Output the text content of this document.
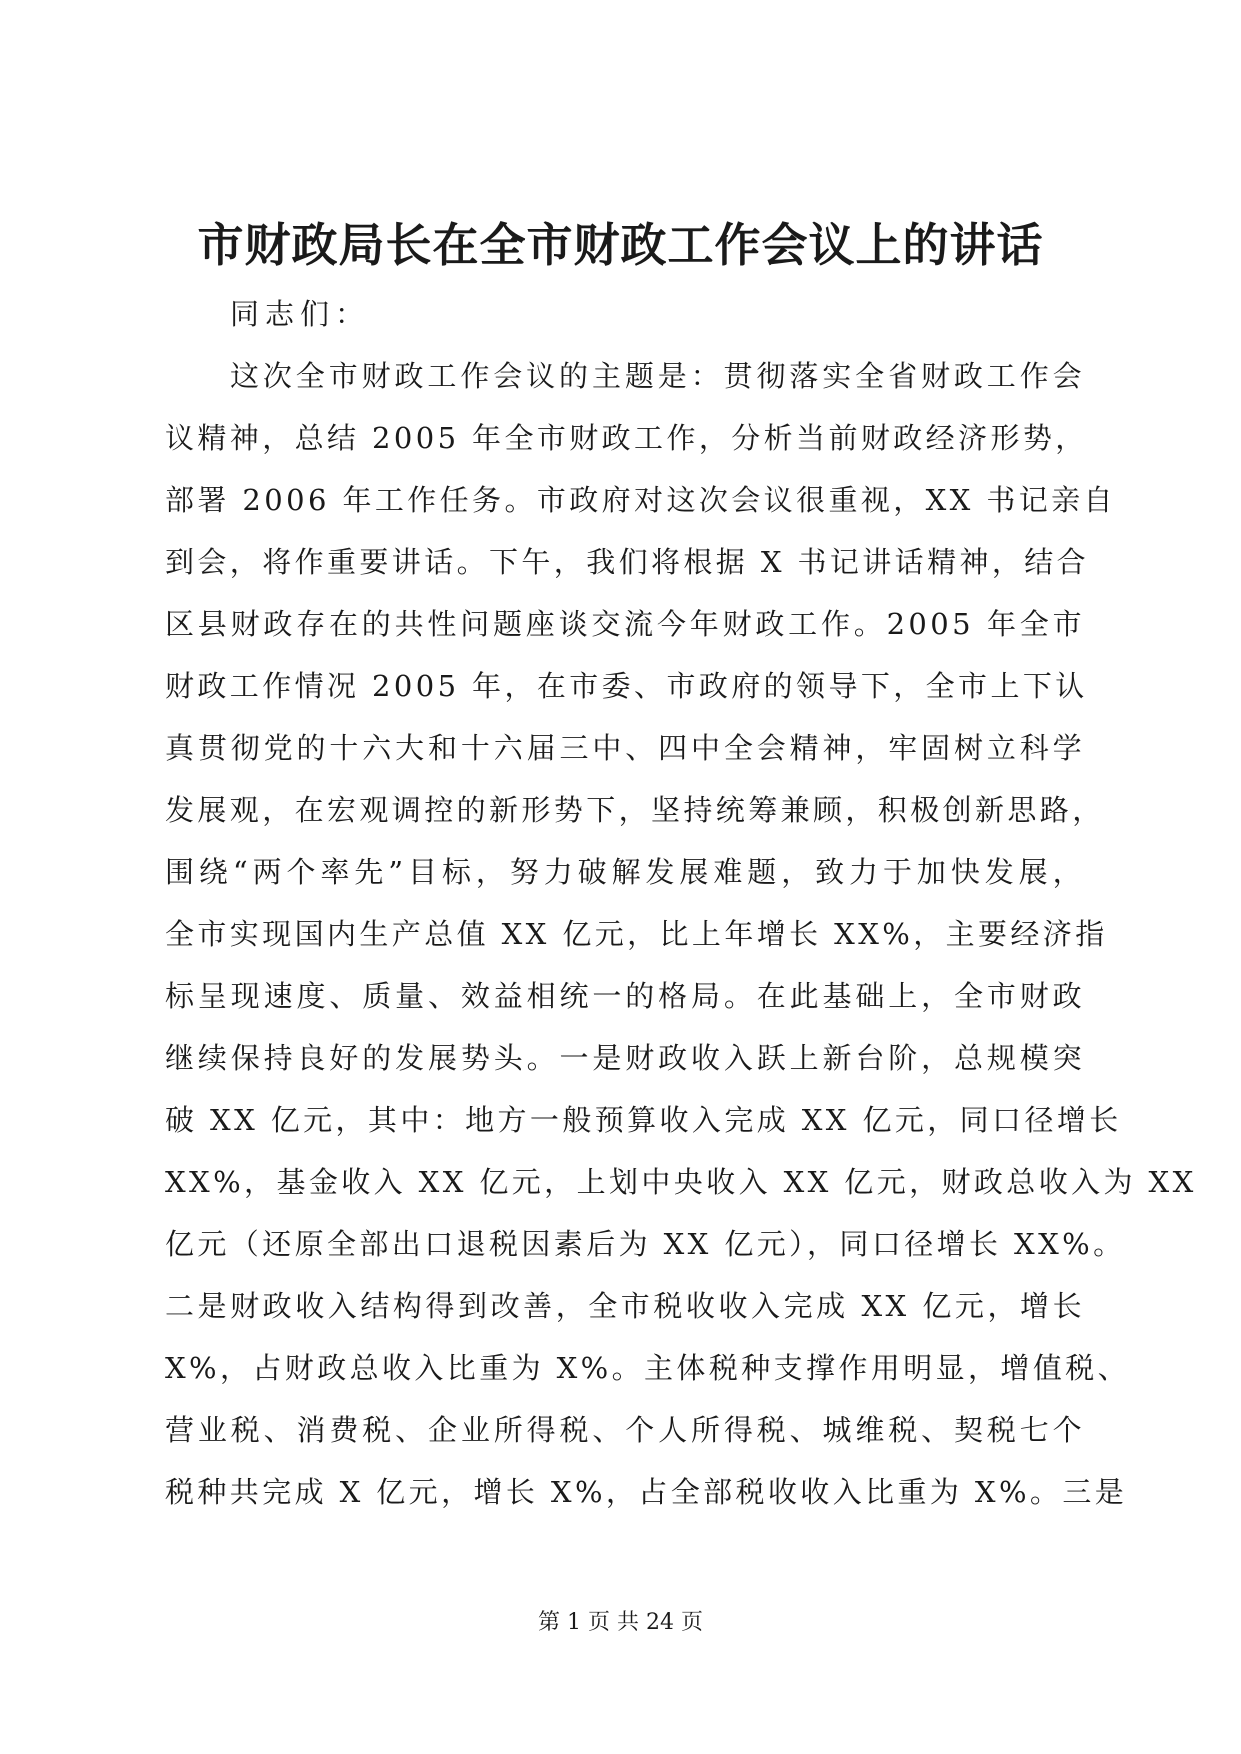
市财政局长在全市财政工作会议上的讲话

同志们：

这次全市财政工作会议的主题是：贯彻落实全省财政工作会
议精神，总结 2005 年全市财政工作，分析当前财政经济形势，
部署 2006 年工作任务。市政府对这次会议很重视，XX 书记亲自
到会，将作重要讲话。下午，我们将根据 X 书记讲话精神，结合
区县财政存在的共性问题座谈交流今年财政工作。2005 年全市
财政工作情况 2005 年，在市委、市政府的领导下，全市上下认
真贯彻党的十六大和十六届三中、四中全会精神，牢固树立科学
发展观，在宏观调控的新形势下，坚持统筹兼顾，积极创新思路，
围绕“两个率先”目标，努力破解发展难题，致力于加快发展，
全市实现国内生产总值 XX 亿元，比上年增长 XX%，主要经济指
标呈现速度、质量、效益相统一的格局。在此基础上，全市财政
继续保持良好的发展势头。一是财政收入跃上新台阶，总规模突
破 XX 亿元，其中：地方一般预算收入完成 XX 亿元，同口径增长
XX%，基金收入 XX 亿元，上划中央收入 XX 亿元，财政总收入为 XX
亿元（还原全部出口退税因素后为 XX 亿元），同口径增长 XX%。
二是财政收入结构得到改善，全市税收收入完成 XX 亿元，增长
X%，占财政总收入比重为 X%。主体税种支撑作用明显，增值税、
营业税、消费税、企业所得税、个人所得税、城维税、契税七个
税种共完成 X 亿元，增长 X%，占全部税收收入比重为 X%。三是
第 1 页 共 24 页
